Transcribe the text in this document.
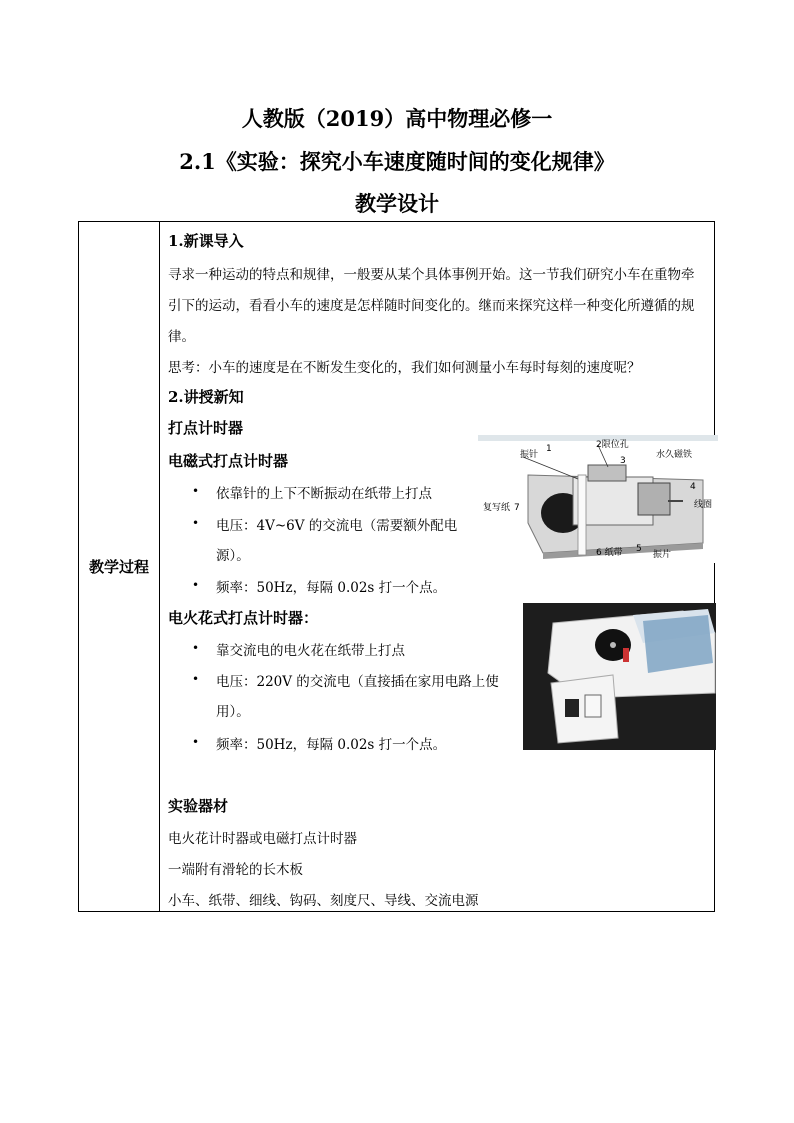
人教版（2019）高中物理必修一
2.1《实验：探究小车速度随时间的变化规律》
教学设计
教学过程
1.新课导入
寻求一种运动的特点和规律，一般要从某个具体事例开始。这一节我们研究小车在重物牵
引下的运动，看看小车的速度是怎样随时间变化的。继而来探究这样一种变化所遵循的规
律。
思考：小车的速度是在不断发生变化的，我们如何测量小车每时每刻的速度呢？
2.讲授新知
打点计时器
电磁式打点计时器
• 依靠针的上下不断振动在纸带上打点
• 电压：4V~6V 的交流电（需要额外配电
源）。
• 频率：50Hz，每隔 0.02s 打一个点。
电火花式打点计时器：
• 靠交流电的电火花在纸带上打点
• 电压：220V 的交流电（直接插在家用电路上使
用）。
• 频率：50Hz，每隔 0.02s 打一个点。
实验器材
电火花计时器或电磁打点计时器
一端附有滑轮的长木板
小车、纸带、细线、钩码、刻度尺、导线、交流电源
振针
1	2限位孔
水久磁铁
3
4
线圈
复写纸 7
6 纸带 5
振片
